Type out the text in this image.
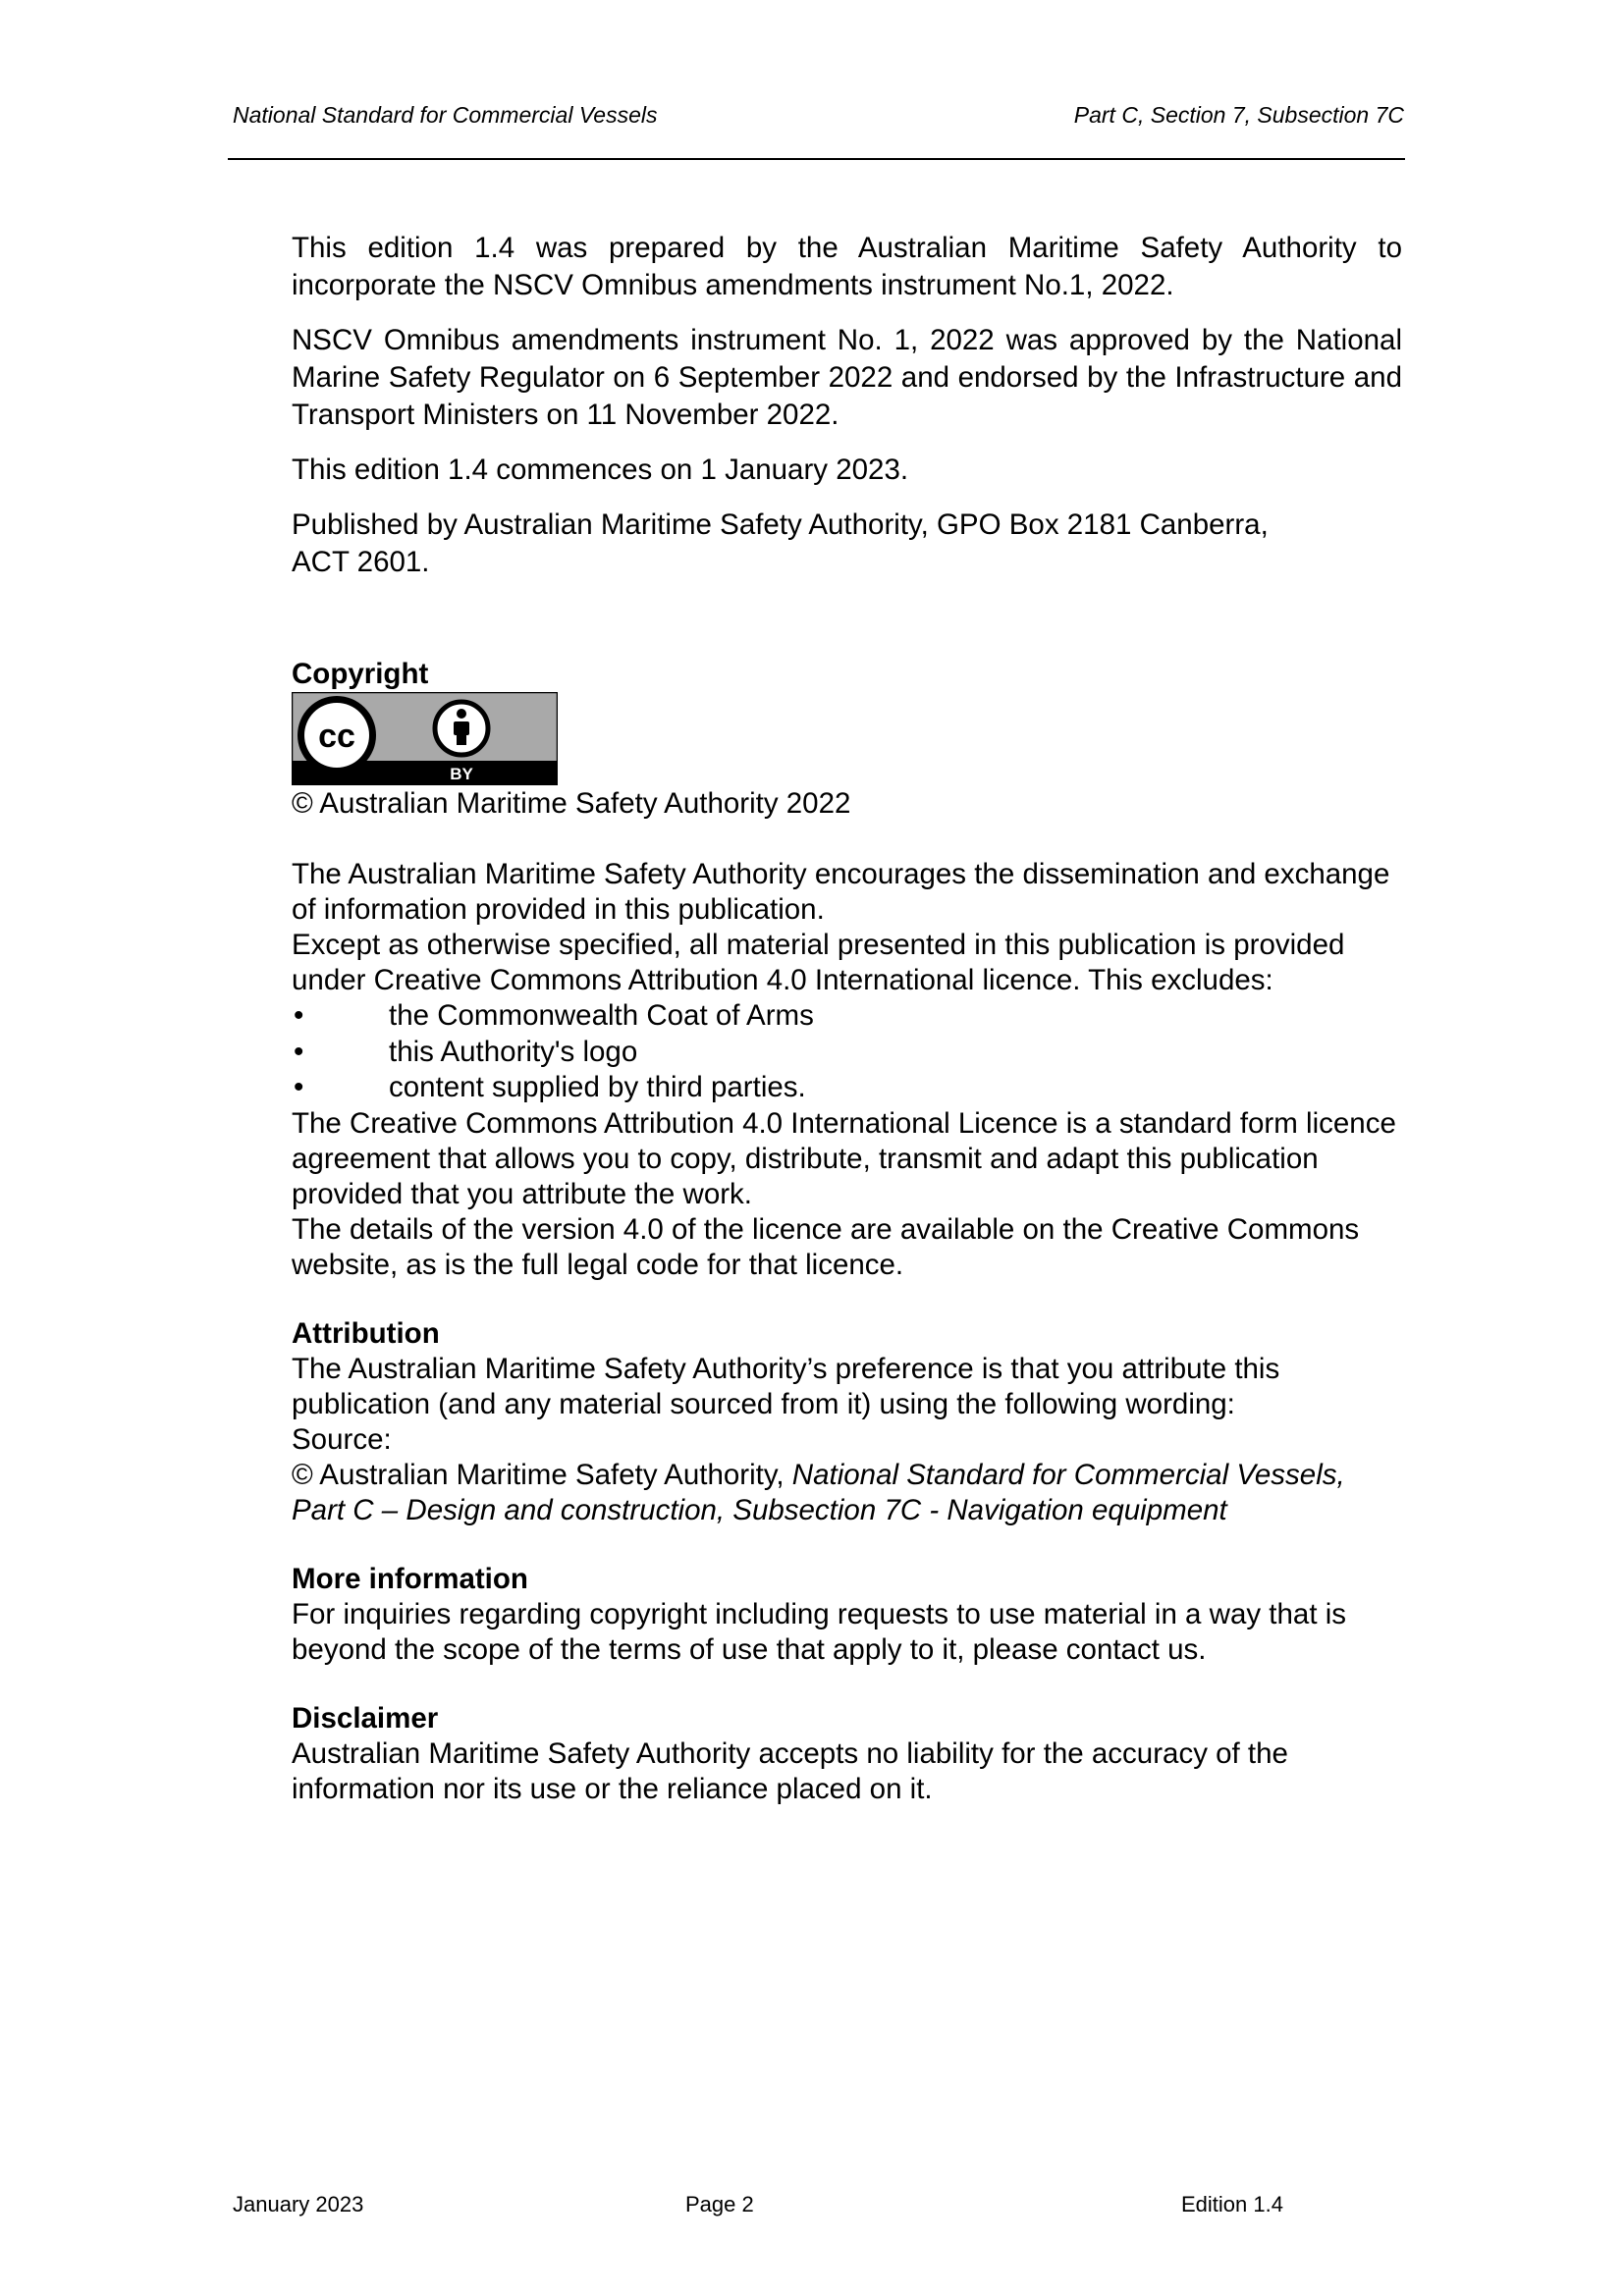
National Standard for Commercial Vessels	Part C, Section 7, Subsection 7C

This edition 1.4 was prepared by the Australian Maritime Safety Authority to incorporate the NSCV Omnibus amendments instrument No.1, 2022.

NSCV Omnibus amendments instrument No. 1, 2022 was approved by the National Marine Safety Regulator on 6 September 2022 and endorsed by the Infrastructure and Transport Ministers on 11 November 2022.

This edition 1.4 commences on 1 January 2023.

Published by Australian Maritime Safety Authority, GPO Box 2181 Canberra,
ACT 2601.

Copyright

cc
BY

© Australian Maritime Safety Authority 2022

The Australian Maritime Safety Authority encourages the dissemination and exchange of information provided in this publication.

Except as otherwise specified, all material presented in this publication is provided under Creative Commons Attribution 4.0 International licence. This excludes:

•	the Commonwealth Coat of Arms
•	this Authority's logo
•	content supplied by third parties.

The Creative Commons Attribution 4.0 International Licence is a standard form licence agreement that allows you to copy, distribute, transmit and adapt this publication provided that you attribute the work.

The details of the version 4.0 of the licence are available on the Creative Commons website, as is the full legal code for that licence.

Attribution

The Australian Maritime Safety Authority’s preference is that you attribute this publication (and any material sourced from it) using the following wording:

Source:

© Australian Maritime Safety Authority, National Standard for Commercial Vessels, Part C – Design and construction, Subsection 7C - Navigation equipment

More information

For inquiries regarding copyright including requests to use material in a way that is beyond the scope of the terms of use that apply to it, please contact us.

Disclaimer

Australian Maritime Safety Authority accepts no liability for the accuracy of the information nor its use or the reliance placed on it.

January 2023	Page 2	Edition 1.4
